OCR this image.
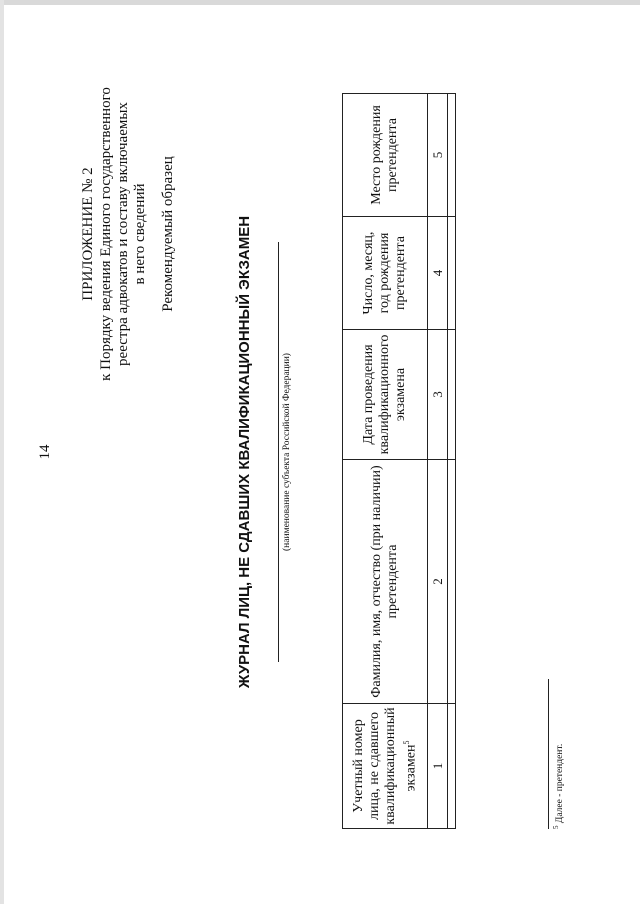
14
ПРИЛОЖЕНИЕ № 2 к Порядку ведения Единого государственного реестра адвокатов и составу включаемых в него сведений Рекомендуемый образец	ЖУРНАЛ ЛИЦ, НЕ СДАВШИХ КВАЛИФИКАЦИОННЫЙ ЭКЗАМЕН	(наименование субъекта Российской Федерации)
Учетный номер лица, не сдавшего квалификационный экзамен$^5$
Фамилия, имя, отчество (при наличии) претендента
Дата проведения квалификационного экзамена
Число, месяц, год рождения претендента
Место рождения претендента
1
2
3
4
5
$^5$ Далее - претендент.
